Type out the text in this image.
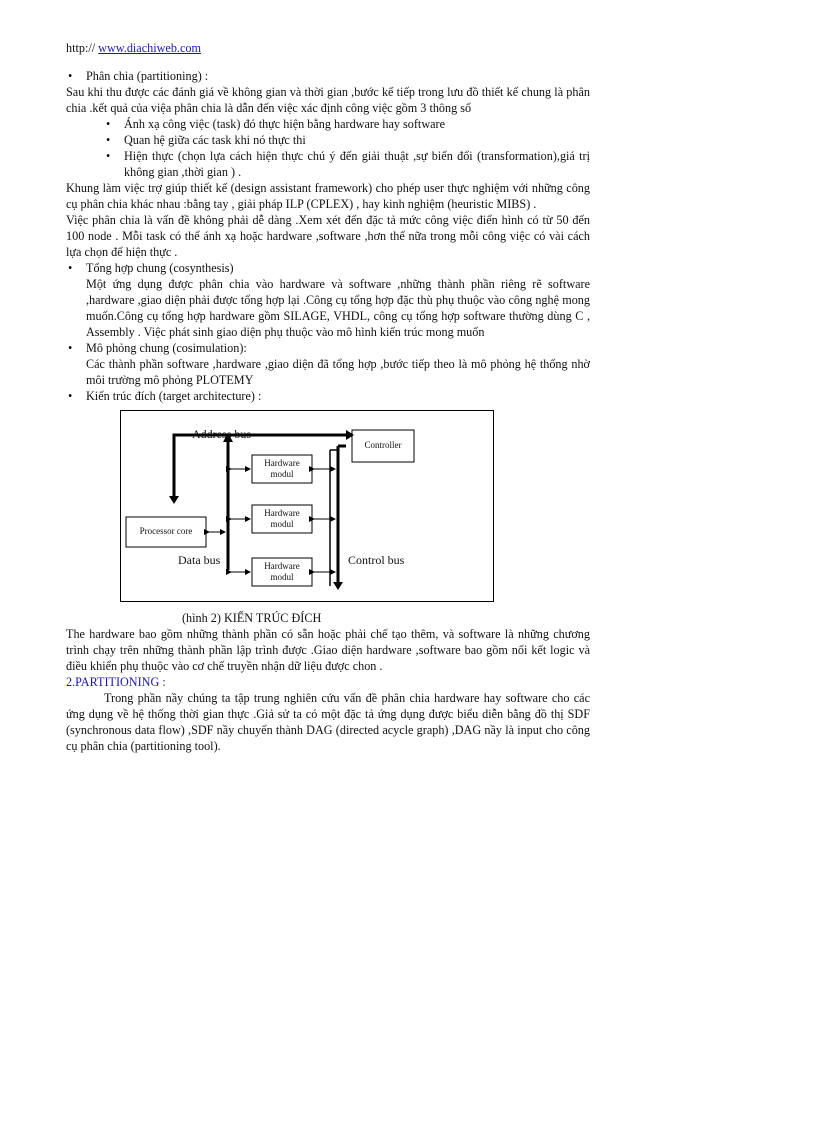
http:// www.diachiweb.com
• Phân chia (partitioning) :

Sau khi thu được các đánh giá về không gian và thời gian ,bước kế tiếp trong lưu đồ thiết kế chung là phân chia .kết quả của việa phân chia là dẫn đến việc xác định công việc gồm 3 thông số

• Ánh xạ công việc (task) đó thực hiện bằng hardware hay software
• Quan hệ giữa các task khi nó thực thi
• Hiện thực (chọn lựa cách hiện thực chú ý đến giải thuật ,sự biến đổi (transformation),giá trị không gian ,thời gian ) .

Khung làm việc trợ giúp thiết kế (design assistant framework) cho phép user thực nghiệm với những công cụ phân chia khác nhau :bằng tay , giải pháp ILP (CPLEX) , hay kinh nghiệm (heuristic MIBS) .

Việc phân chia là vấn đề không phải dễ dàng .Xem xét đến đặc tả mức công việc điển hình có từ 50 đến 100 node . Mỗi task có thể ánh xạ hoặc hardware ,software ,hơn thế nữa trong mỗi công việc có vài cách lựa chọn để hiện thực .

• Tổng hợp chung (cosynthesis)
Một ứng dụng được phân chia vào hardware và software ,những thành phần riêng rẽ software ,hardware ,giao diện phải được tổng hợp lại .Công cụ tổng hợp đặc thù phụ thuộc vào công nghệ mong muốn.Công cụ tổng hợp hardware gồm SILAGE, VHDL, công cụ tổng hợp software thường dùng C , Assembly . Việc phát sinh giao diện phụ thuộc vào mô hình kiến trúc mong muốn
• Mô phỏng chung (cosimulation):
Các thành phần software ,hardware ,giao diện đã tổng hợp ,bước tiếp theo là mô phỏng hệ thống nhờ môi trường mô phỏng PLOTEMY
• Kiến trúc đích (target architecture) :
Address bus
Controller
Processor core
Data bus	Control bus
Hardware modul
Hardware modul
Hardware modul
(hình 2) KIẾN TRÚC ĐÍCH

The hardware bao gồm những thành phần có sẵn hoặc phải chế tạo thêm, và software là những chương trình chạy trên những thành phần lập trình được .Giao diện hardware ,software bao gồm nối kết logic và điều khiển phụ thuộc vào cơ chế truyền nhận dữ liệu được chon .

2.PARTITIONING :

Trong phần nầy chúng ta tập trung nghiên cứu vấn đề phân chia hardware hay software cho các ứng dụng về hệ thống thời gian thực .Giả sử ta có một đặc tả ứng dụng được biểu diễn bằng đồ thị SDF (synchronous data flow) ,SDF nầy chuyển thành DAG (directed acycle graph) ,DAG nầy là input cho công cụ phân chia (partitioning tool).
